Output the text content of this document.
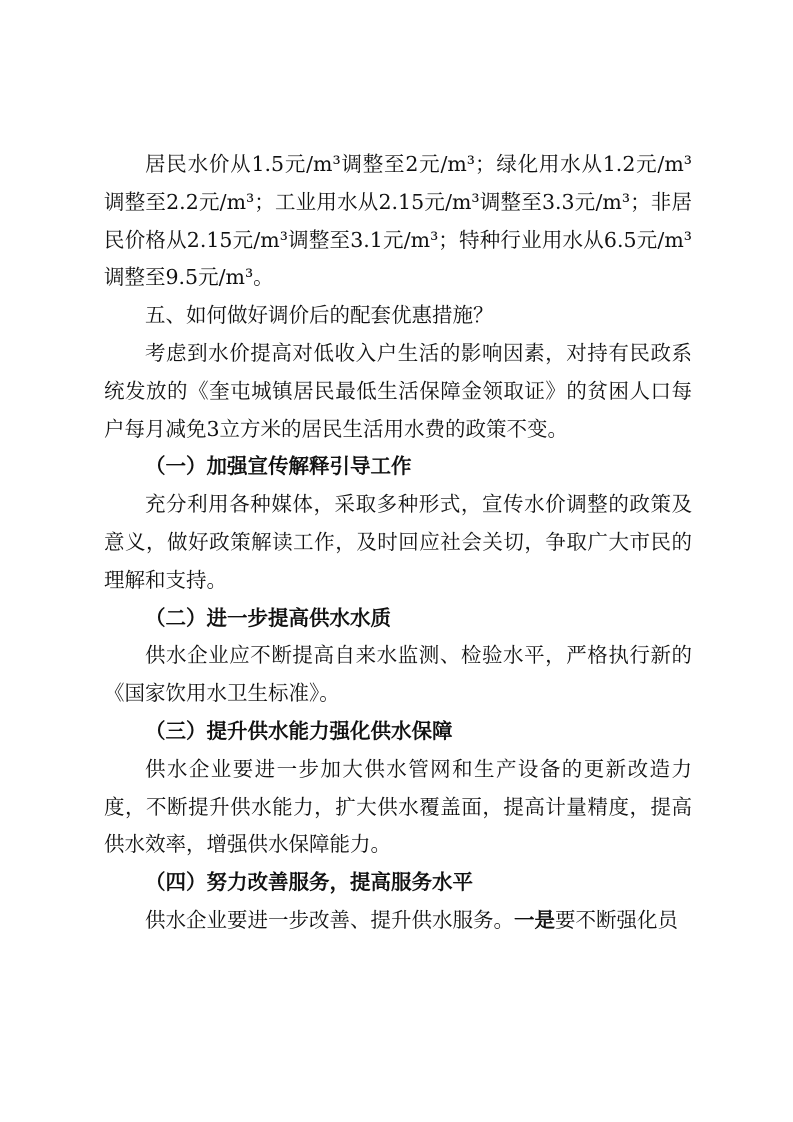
居民水价从1.5元/m³调整至2元/m³；绿化用水从1.2元/m³调整至2.2元/m³；工业用水从2.15元/m³调整至3.3元/m³；非居民价格从2.15元/m³调整至3.1元/m³；特种行业用水从6.5元/m³调整至9.5元/m³。

五、如何做好调价后的配套优惠措施？

考虑到水价提高对低收入户生活的影响因素，对持有民政系统发放的《奎屯城镇居民最低生活保障金领取证》的贫困人口每户每月减免3立方米的居民生活用水费的政策不变。

（一）加强宣传解释引导工作

充分利用各种媒体，采取多种形式，宣传水价调整的政策及意义，做好政策解读工作，及时回应社会关切，争取广大市民的理解和支持。

（二）进一步提高供水水质

供水企业应不断提高自来水监测、检验水平，严格执行新的《国家饮用水卫生标准》。

（三）提升供水能力强化供水保障

供水企业要进一步加大供水管网和生产设备的更新改造力度，不断提升供水能力，扩大供水覆盖面，提高计量精度，提高供水效率，增强供水保障能力。

（四）努力改善服务，提高服务水平

供水企业要进一步改善、提升供水服务。一是要不断强化员
